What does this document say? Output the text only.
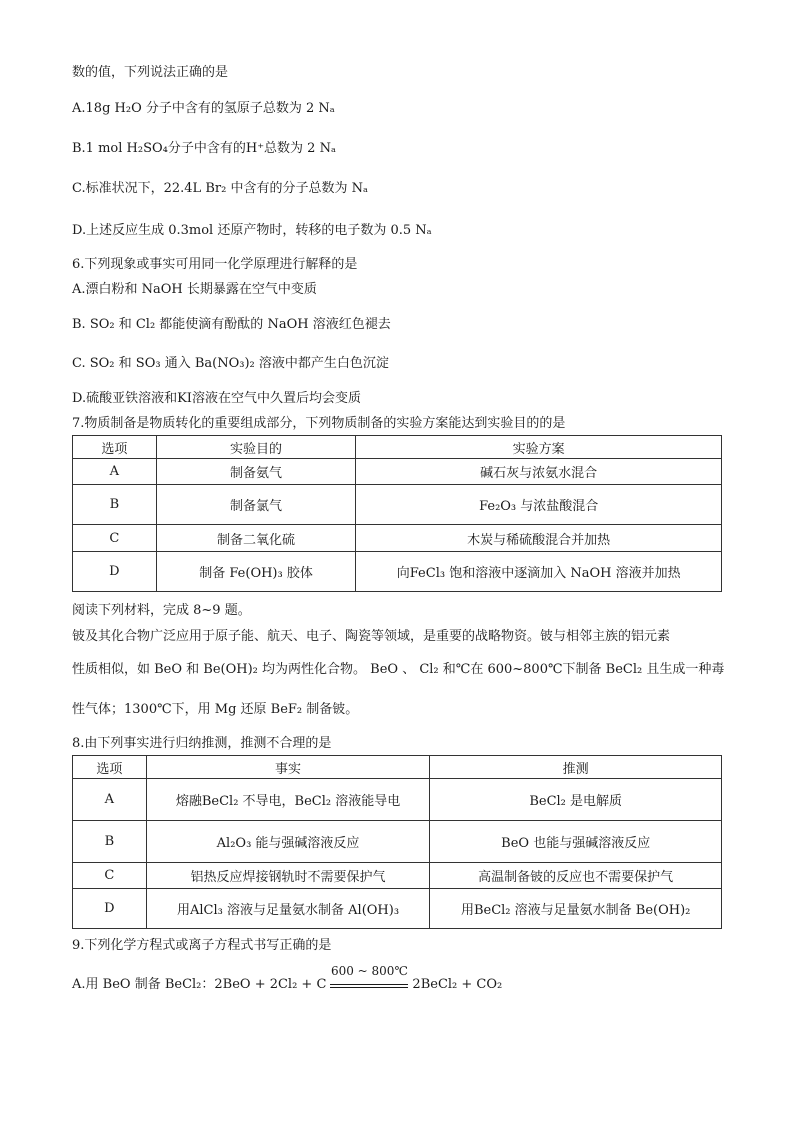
数的值，下列说法正确的是
A.18g H₂O 分子中含有的氢原子总数为 2 Nₐ
B.1 mol H₂SO₄分子中含有的H⁺总数为 2 Nₐ
C.标准状况下，22.4L Br₂ 中含有的分子总数为 Nₐ
D.上述反应生成 0.3mol 还原产物时，转移的电子数为 0.5 Nₐ
6.下列现象或事实可用同一化学原理进行解释的是
A.漂白粉和 NaOH 长期暴露在空气中变质
B. SO₂ 和 Cl₂ 都能使滴有酚酞的 NaOH 溶液红色褪去
C. SO₂ 和 SO₃ 通入 Ba(NO₃)₂ 溶液中都产生白色沉淀
D.硫酸亚铁溶液和KI溶液在空气中久置后均会变质
7.物质制备是物质转化的重要组成部分，下列物质制备的实验方案能达到实验目的的是
选项	实验目的	实验方案
A	制备氨气	碱石灰与浓氨水混合
B	制备氯气	Fe₂O₃ 与浓盐酸混合
C	制备二氧化硫	木炭与稀硫酸混合并加热
D	制备 Fe(OH)₃ 胶体	向FeCl₃ 饱和溶液中逐滴加入 NaOH 溶液并加热
阅读下列材料，完成 8~9 题。
铍及其化合物广泛应用于原子能、航天、电子、陶瓷等领域，是重要的战略物资。铍与相邻主族的铝元素
性质相似，如 BeO 和 Be(OH)₂ 均为两性化合物。 BeO 、 Cl₂ 和℃在 600~800℃下制备 BeCl₂ 且生成一种毒
性气体；1300℃下，用 Mg 还原 BeF₂ 制备铍。
8.由下列事实进行归纳推测，推测不合理的是
选项	事实	推测
A	熔融BeCl₂ 不导电，BeCl₂ 溶液能导电	BeCl₂ 是电解质
B	Al₂O₃ 能与强碱溶液反应	BeO 也能与强碱溶液反应
C	铝热反应焊接钢轨时不需要保护气	高温制备铍的反应也不需要保护气
D	用AlCl₃ 溶液与足量氨水制备 Al(OH)₃	用BeCl₂ 溶液与足量氨水制备 Be(OH)₂
9.下列化学方程式或离子方程式书写正确的是
A.用 BeO 制备 BeCl₂：2BeO + 2Cl₂ + C
600 ~ 800℃
2BeCl₂ + CO₂
